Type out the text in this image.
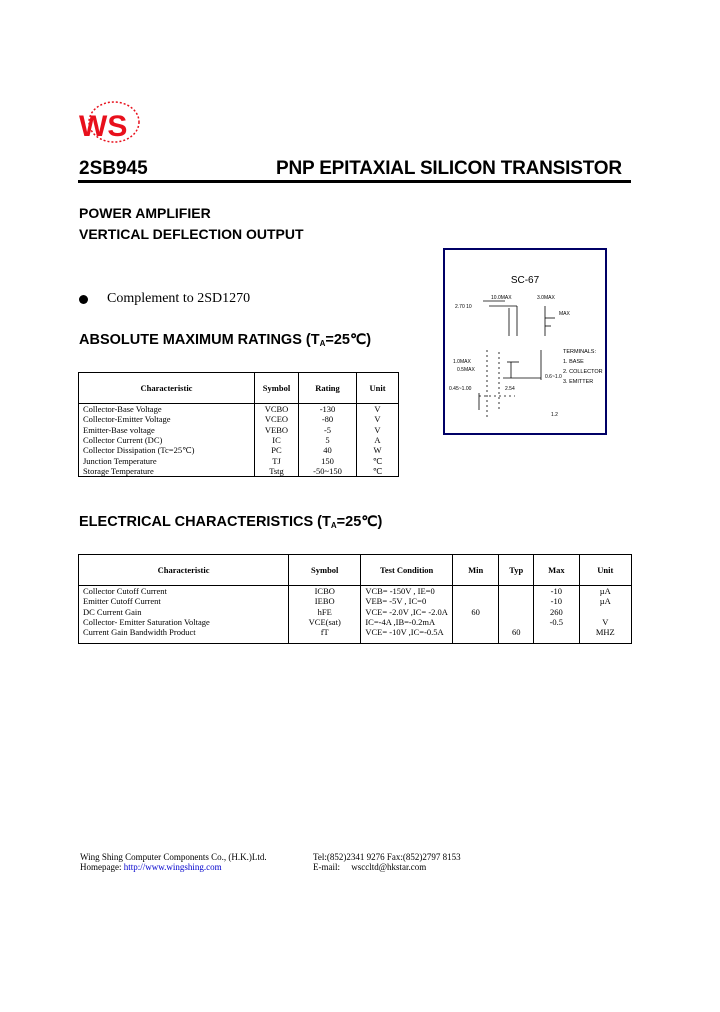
WS
2SB945	PNP EPITAXIAL SILICON TRANSISTOR
POWER AMPLIFIER
VERTICAL DEFLECTION OUTPUT
Complement to 2SD1270
SC-67
10.0MAX
2.70 10
3.0MAX
MAX
1.0MAX
0.5MAX
0.45~1.00	2.54
0.6~1.0
1.2
TERMINALS:
1. BASE
2. COLLECTOR
3. EMITTER
ABSOLUTE MAXIMUM RATINGS $(T_A=25℃)$
Characteristic	Symbol	Rating	Unit
Collector-Base Voltage	VCBO	-130	V
Collector-Emitter Voltage	VCEO	-80	V
Emitter-Base voltage	VEBO	-5	V
Collector Current (DC)	IC	5	A
Collector Dissipation (Tc=25℃)	PC	40	W
Junction Temperature	TJ	150	℃
Storage Temperature	Tstg	-50~150	℃
ELECTRICAL CHARACTERISTICS $(T_A=25℃)$
Characteristic	Symbol	Test Condition	Min	Typ	Max	Unit
Collector Cutoff Current	ICBO	VCB= -150V , IE=0			-10	µA
Emitter Cutoff Current	IEBO	VEB= -5V , IC=0			-10	µA
DC Current Gain	hFE	VCE= -2.0V ,IC= -2.0A	60		260	
Collector- Emitter Saturation Voltage	VCE(sat)	IC=-4A ,IB=-0.2mA			-0.5	V
Current Gain Bandwidth Product	fT	VCE= -10V ,IC=-0.5A		60		MHZ

Wing Shing Computer Components Co., (H.K.)Ltd.
Homepage: http://www.wingshing.com
Tel:(852)2341 9276 Fax:(852)2797 8153
E-mail: wsccltd@hkstar.com
